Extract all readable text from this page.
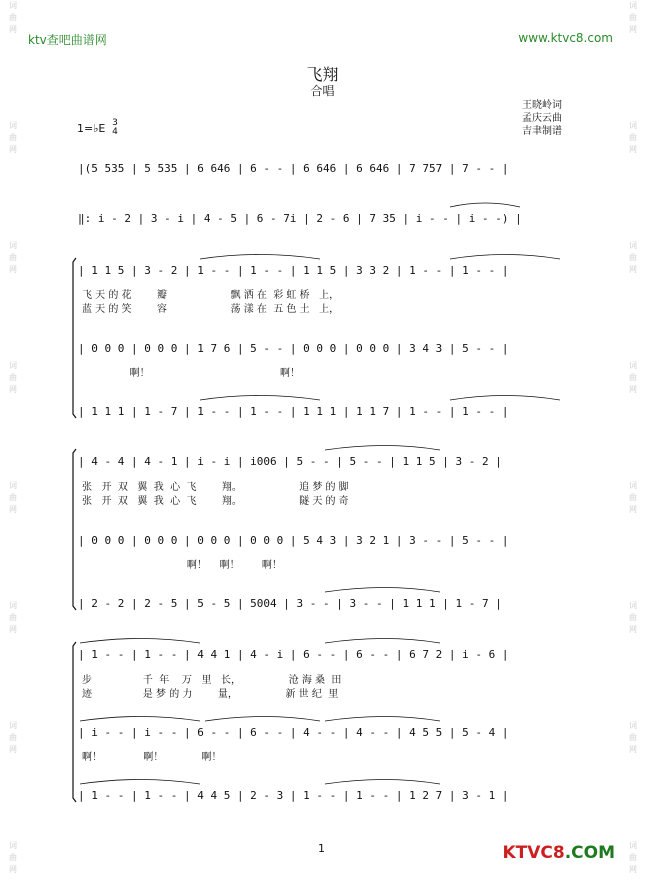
词
曲
网
词
曲
网
词
曲
网
词
曲
网
词
曲
网
词
曲
网
词
曲
网
词
曲
网
词
曲
网
词
曲
网
词
曲
网
词
曲
网
词
曲
网
词
曲
网
词
曲
网
词
曲
网
ktv查吧曲谱网	www.ktvc8.com
飞翔
合唱
王晓岭词
孟庆云曲
吉聿制谱
1=♭E 3
4
|(5 535 | 5 535 | 6 646 | 6 - - | 6 646 | 6 646 | 7 757 | 7 - - |
‖: i - 2 | 3 - i | 4 - 5 | 6 - 7i | 2 - 6 | 7 35 | i - - | i - -) |
| 1 1 5 | 3 - 2 | 1 - - | 1 - - | 1 1 5 | 3 3 2 | 1 - - | 1 - - |
飞 天 的 花        瓣                    飘 洒 在  彩 虹 桥   上，
蓝 天 的 笑        容                    荡 漾 在  五 色 土   上，
| 0 0 0 | 0 0 0 | 1 7 6 | 5 - - | 0 0 0 | 0 0 0 | 3 4 3 | 5 - - |
啊！                                         啊！
| 1 1 1 | 1 - 7 | 1 - - | 1 - - | 1 1 1 | 1 1 7 | 1 - - | 1 - - |
| 4 - 4 | 4 - 1 | i - i | i006 | 5 - - | 5 - - | 1 1 5 | 3 - 2 |
张   开  双   翼  我  心  飞        翔。                  追 梦 的 脚
张   开  双   翼  我  心  飞        翔。                  隧 天 的 奇
| 0 0 0 | 0 0 0 | 0 0 0 | 0 0 0 | 5 4 3 | 3 2 1 | 3 - - | 5 - - |
啊！    啊！       啊！
| 2 - 2 | 2 - 5 | 5 - 5 | 5004 | 3 - - | 3 - - | 1 1 1 | 1 - 7 |
| 1 - - | 1 - - | 4 4 1 | 4 - i | 6 - - | 6 - - | 6 7 2 | i - 6 |
步                千  年    万   里   长，               沧 海 桑  田
迹                是 梦 的 力        量，               新 世 纪  里
| i - - | i - - | 6 - - | 6 - - | 4 - - | 4 - - | 4 5 5 | 5 - 4 |
啊！             啊！            啊！
| 1 - - | 1 - - | 4 4 5 | 2 - 3 | 1 - - | 1 - - | 1 2 7 | 3 - 1 |
1	KTVC8.COM
